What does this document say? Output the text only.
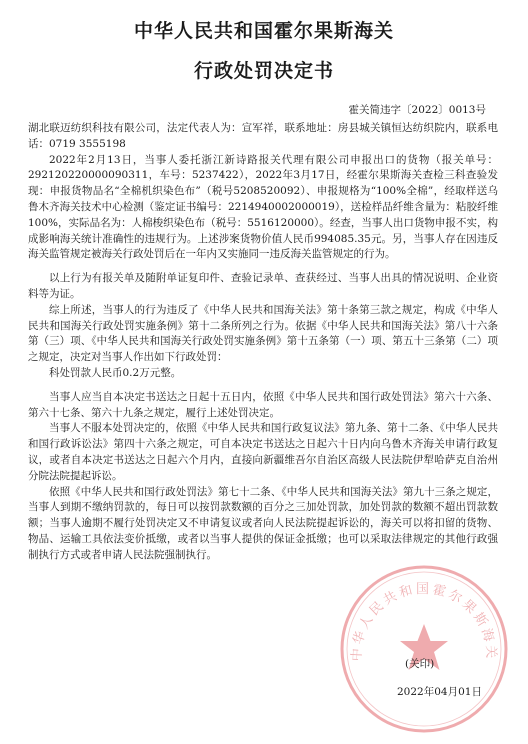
中华人民共和国霍尔果斯海关
行政处罚决定书
霍关简违字〔2022〕0013号

湖北联迈纺织科技有限公司，法定代表人为：宣军祥，联系地址：房县城关镇恒达纺织院内，联系电话：0719 3555198

2022年2月13日，当事人委托浙江新诗路报关代理有限公司申报出口的货物（报关单号：292120220000090311，车号：5237422），2022年3月17日，经霍尔果斯海关查检三科查验发现：申报货物品名“全棉机织染色布”（税号5208520092）、申报规格为“100%全棉”，经取样送乌鲁木齐海关技术中心检测（鉴定证书编号：2214940002000019），送检样品纤维含量为：粘胶纤维100%，实际品名为：人棉梭织染色布（税号：5516120000）。经查，当事人出口货物申报不实，构成影响海关统计准确性的违规行为。上述涉案货物价值人民币994085.35元。另，当事人存在因违反海关监管规定被海关行政处罚后在一年内又实施同一违反海关监管规定的行为。

以上行为有报关单及随附单证复印件、查验记录单、查获经过、当事人出具的情况说明、企业资料等为证。

综上所述，当事人的行为违反了《中华人民共和国海关法》第十条第三款之规定，构成《中华人民共和国海关行政处罚实施条例》第十二条所列之行为。依据《中华人民共和国海关法》第八十六条第（三）项、《中华人民共和国海关行政处罚实施条例》第十五条第（一）项、第五十三条第（二）项之规定，决定对当事人作出如下行政处罚：

科处罚款人民币0.2万元整。

当事人应当自本决定书送达之日起十五日内，依照《中华人民共和国行政处罚法》第六十六条、第六十七条、第六十九条之规定，履行上述处罚决定。

当事人不服本处罚决定的，依照《中华人民共和国行政复议法》第九条、第十二条、《中华人民共和国行政诉讼法》第四十六条之规定，可自本决定书送达之日起六十日内向乌鲁木齐海关申请行政复议，或者自本决定书送达之日起六个月内，直接向新疆维吾尔自治区高级人民法院伊犁哈萨克自治州分院法院提起诉讼。

依照《中华人民共和国行政处罚法》第七十二条、《中华人民共和国海关法》第九十三条之规定，当事人到期不缴纳罚款的，每日可以按罚款数额的百分之三加处罚款，加处罚款的数额不超出罚款数额；当事人逾期不履行处罚决定又不申请复议或者向人民法院提起诉讼的，海关可以将扣留的货物、物品、运输工具依法变价抵缴，或者以当事人提供的保证金抵缴；也可以采取法律规定的其他行政强制执行方式或者申请人民法院强制执行。

中华人民共和国霍尔果斯海关
(关印)
2022年04月01日
